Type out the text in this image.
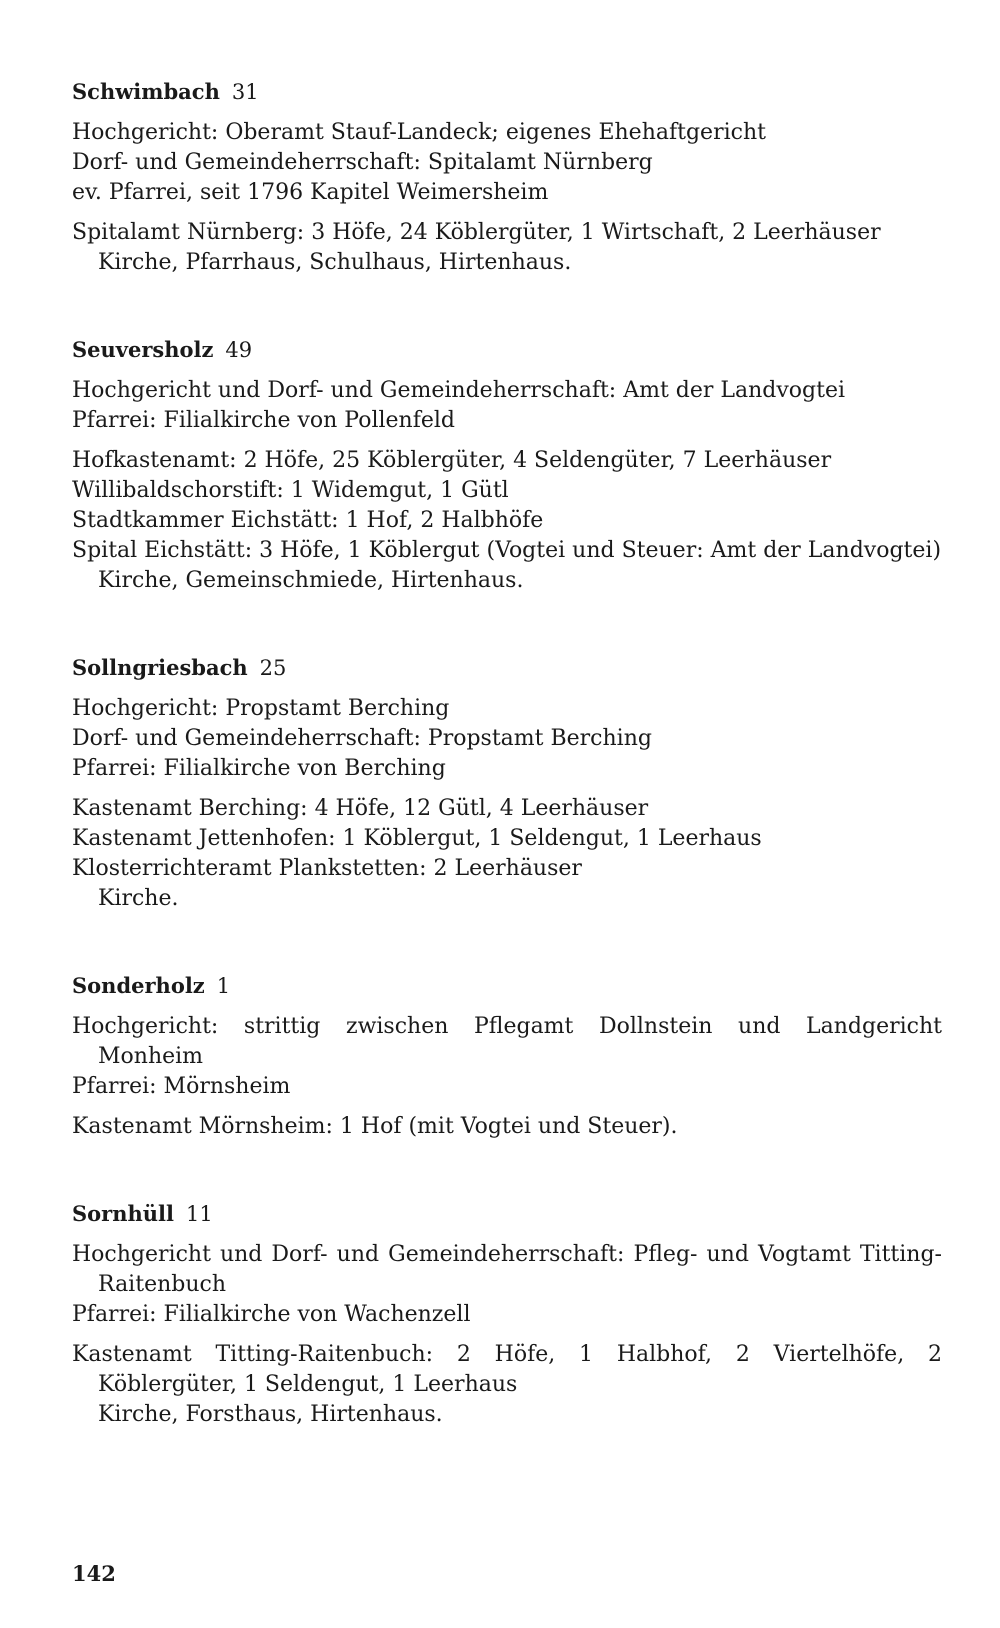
Schwimbach 31
Hochgericht: Oberamt Stauf-Landeck; eigenes Ehehaftgericht
Dorf- und Gemeindeherrschaft: Spitalamt Nürnberg
ev. Pfarrei, seit 1796 Kapitel Weimersheim
Spitalamt Nürnberg: 3 Höfe, 24 Köblergüter, 1 Wirtschaft, 2 Leerhäuser
Kirche, Pfarrhaus, Schulhaus, Hirtenhaus.
Seuversholz 49
Hochgericht und Dorf- und Gemeindeherrschaft: Amt der Landvogtei
Pfarrei: Filialkirche von Pollenfeld
Hofkastenamt: 2 Höfe, 25 Köblergüter, 4 Seldengüter, 7 Leerhäuser
Willibaldschorstift: 1 Widemgut, 1 Gütl
Stadtkammer Eichstätt: 1 Hof, 2 Halbhöfe
Spital Eichstätt: 3 Höfe, 1 Köblergut (Vogtei und Steuer: Amt der Landvogtei)
Kirche, Gemeinschmiede, Hirtenhaus.
Sollngriesbach 25
Hochgericht: Propstamt Berching
Dorf- und Gemeindeherrschaft: Propstamt Berching
Pfarrei: Filialkirche von Berching
Kastenamt Berching: 4 Höfe, 12 Gütl, 4 Leerhäuser
Kastenamt Jettenhofen: 1 Köblergut, 1 Seldengut, 1 Leerhaus
Klosterrichteramt Plankstetten: 2 Leerhäuser
Kirche.
Sonderholz 1
Hochgericht: strittig zwischen Pflegamt Dollnstein und Landgericht Monheim
Pfarrei: Mörnsheim
Kastenamt Mörnsheim: 1 Hof (mit Vogtei und Steuer).
Sornhüll 11
Hochgericht und Dorf- und Gemeindeherrschaft: Pfleg- und Vogtamt Titting-Raitenbuch
Pfarrei: Filialkirche von Wachenzell
Kastenamt Titting-Raitenbuch: 2 Höfe, 1 Halbhof, 2 Viertelhöfe, 2 Köblergüter, 1 Seldengut, 1 Leerhaus
Kirche, Forsthaus, Hirtenhaus.
142
